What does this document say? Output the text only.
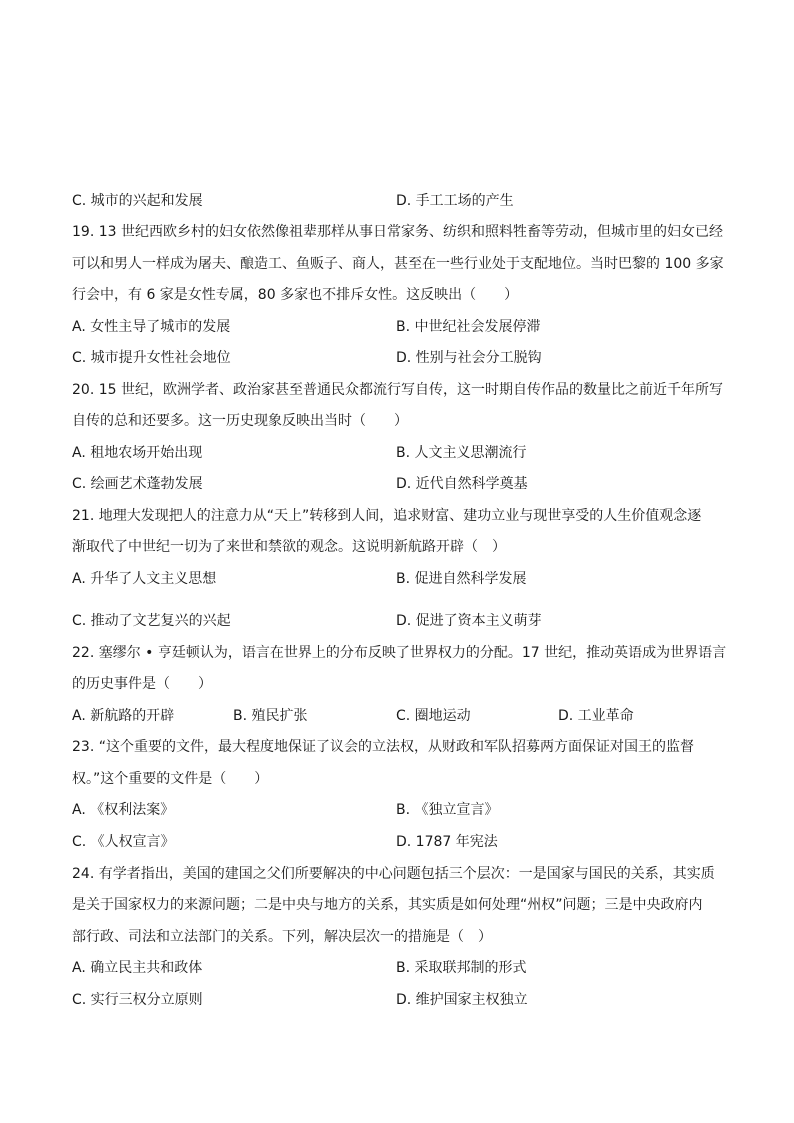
C. 城市的兴起和发展	D. 手工工场的产生
19. 13 世纪西欧乡村的妇女依然像祖辈那样从事日常家务、纺织和照料牲畜等劳动，但城市里的妇女已经
可以和男人一样成为屠夫、酿造工、鱼贩子、商人，甚至在一些行业处于支配地位。当时巴黎的 100 多家
行会中，有 6 家是女性专属，80 多家也不排斥女性。这反映出（　　）
A. 女性主导了城市的发展	B. 中世纪社会发展停滞
C. 城市提升女性社会地位	D. 性别与社会分工脱钩
20. 15 世纪，欧洲学者、政治家甚至普通民众都流行写自传，这一时期自传作品的数量比之前近千年所写
自传的总和还要多。这一历史现象反映出当时（　　）
A. 租地农场开始出现	B. 人文主义思潮流行
C. 绘画艺术蓬勃发展	D. 近代自然科学奠基
21. 地理大发现把人的注意力从“天上”转移到人间，追求财富、建功立业与现世享受的人生价值观念逐
渐取代了中世纪一切为了来世和禁欲的观念。这说明新航路开辟（　）
A. 升华了人文主义思想	B. 促进自然科学发展
C. 推动了文艺复兴的兴起	D. 促进了资本主义萌芽
22. 塞缪尔 • 亨廷顿认为，语言在世界上的分布反映了世界权力的分配。17 世纪，推动英语成为世界语言
的历史事件是（　　）
A. 新航路的开辟	B. 殖民扩张	C. 圈地运动	D. 工业革命
23. “这个重要的文件，最大程度地保证了议会的立法权，从财政和军队招募两方面保证对国王的监督
权。”这个重要的文件是（　　）
A. 《权利法案》	B. 《独立宣言》
C. 《人权宣言》	D. 1787 年宪法
24. 有学者指出，美国的建国之父们所要解决的中心问题包括三个层次：一是国家与国民的关系，其实质
是关于国家权力的来源问题；二是中央与地方的关系，其实质是如何处理“州权”问题；三是中央政府内
部行政、司法和立法部门的关系。下列，解决层次一的措施是（　）
A. 确立民主共和政体	B. 采取联邦制的形式
C. 实行三权分立原则	D. 维护国家主权独立
